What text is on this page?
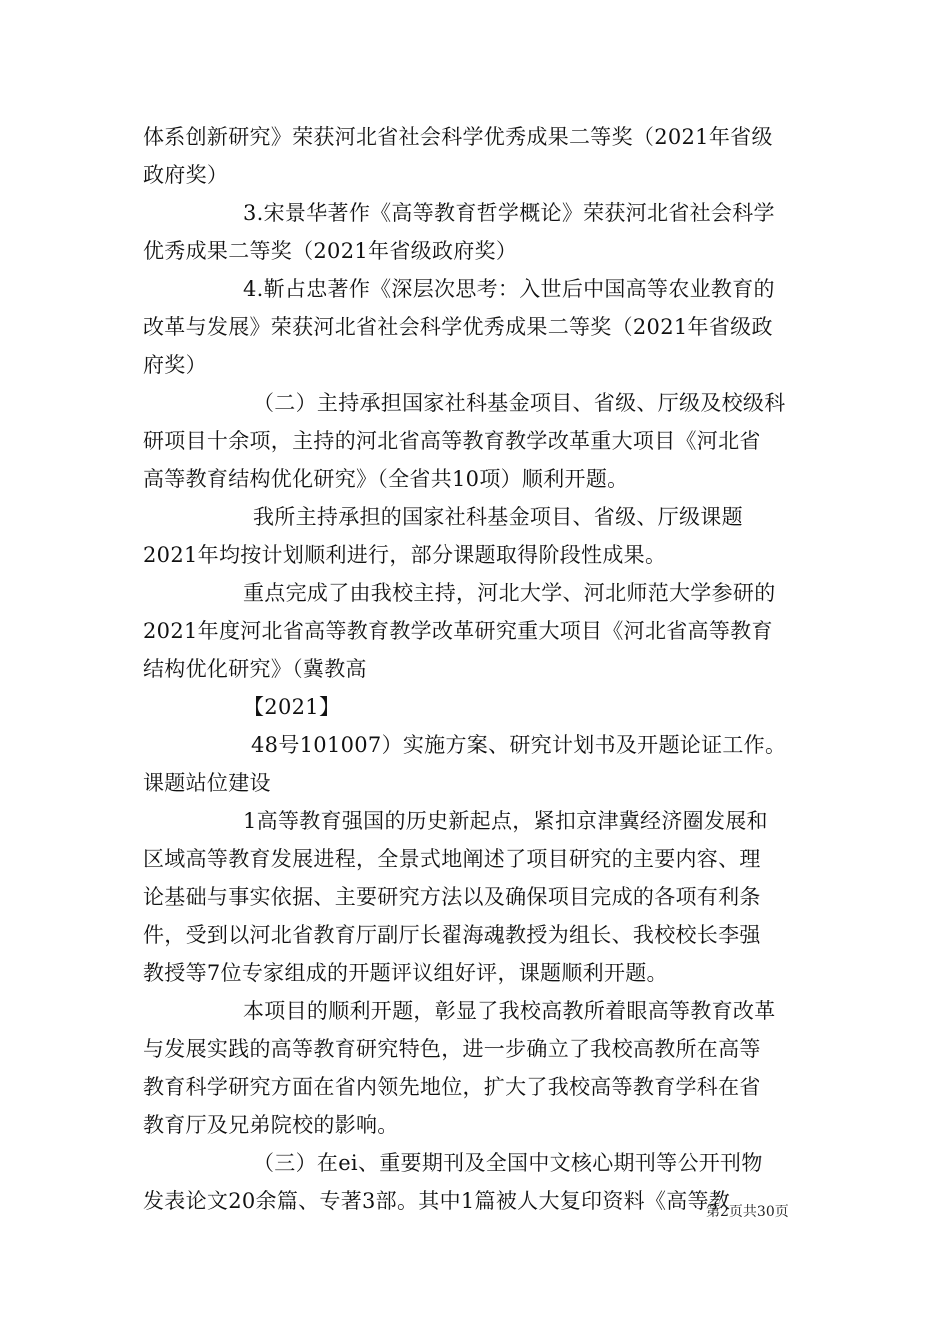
体系创新研究》荣获河北省社会科学优秀成果二等奖（2021年省级
政府奖）
3.宋景华著作《高等教育哲学概论》荣获河北省社会科学
优秀成果二等奖（2021年省级政府奖）
4.靳占忠著作《深层次思考：入世后中国高等农业教育的
改革与发展》荣获河北省社会科学优秀成果二等奖（2021年省级政
府奖）
（二）主持承担国家社科基金项目、省级、厅级及校级科
研项目十余项，主持的河北省高等教育教学改革重大项目《河北省
高等教育结构优化研究》（全省共10项）顺利开题。
我所主持承担的国家社科基金项目、省级、厅级课题
2021年均按计划顺利进行，部分课题取得阶段性成果。
重点完成了由我校主持，河北大学、河北师范大学参研的
2021年度河北省高等教育教学改革研究重大项目《河北省高等教育
结构优化研究》（冀教高
【2021】
48号101007）实施方案、研究计划书及开题论证工作。
课题站位建设
1高等教育强国的历史新起点，紧扣京津冀经济圈发展和
区域高等教育发展进程，全景式地阐述了项目研究的主要内容、理
论基础与事实依据、主要研究方法以及确保项目完成的各项有利条
件，受到以河北省教育厅副厅长翟海魂教授为组长、我校校长李强
教授等7位专家组成的开题评议组好评，课题顺利开题。
本项目的顺利开题，彰显了我校高教所着眼高等教育改革
与发展实践的高等教育研究特色，进一步确立了我校高教所在高等
教育科学研究方面在省内领先地位，扩大了我校高等教育学科在省
教育厅及兄弟院校的影响。
（三）在ei、重要期刊及全国中文核心期刊等公开刊物
发表论文20余篇、专著3部。其中1篇被人大复印资料《高等教
第2页共30页
